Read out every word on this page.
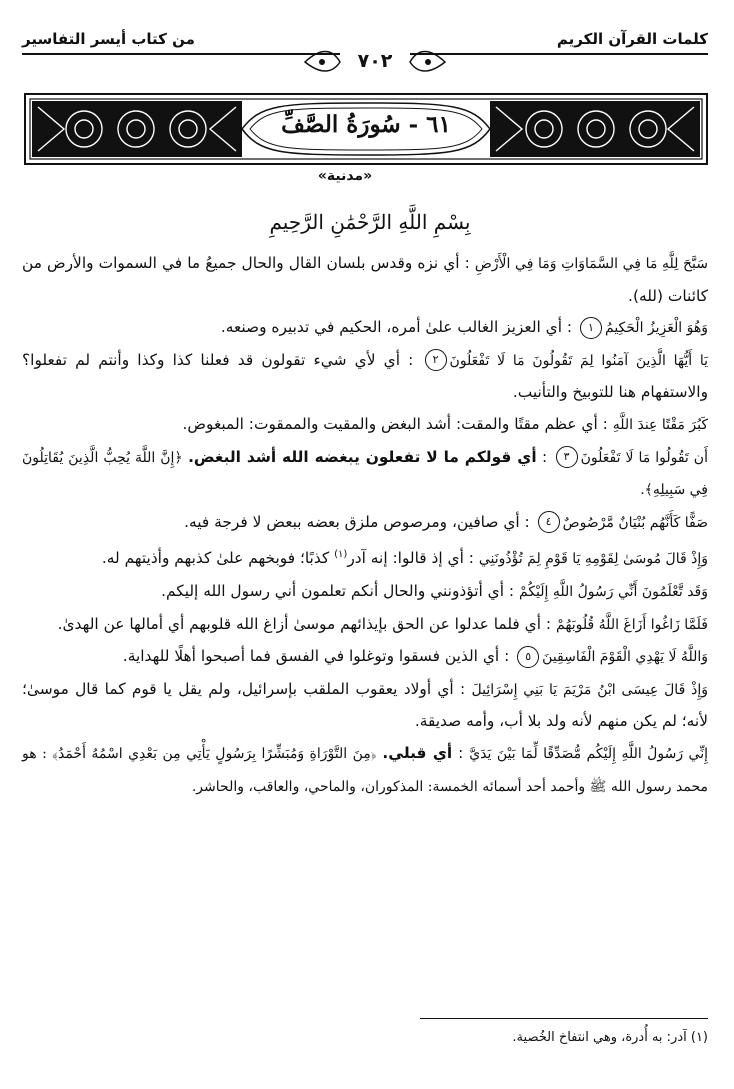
كلمات القرآن الكريم
من كتاب أيسر التفاسير
٧٠٢
٦١ - سُورَةُ الصَّفِّ
«مدنية»
بِسْمِ اللَّهِ الرَّحْمَٰنِ الرَّحِيمِ

سَبَّحَ لِلَّهِ مَا فِي السَّمَاوَاتِ وَمَا فِي الْأَرْضِ : أي نزه وقدس بلسان القال والحال جميعُ ما في السموات والأرض من كائنات (لله).

وَهُوَ الْعَزِيزُ الْحَكِيمُ١ : أي العزيز الغالب علىٰ أمره، الحكيم في تدبيره وصنعه.

يَا أَيُّهَا الَّذِينَ آمَنُوا لِمَ تَقُولُونَ مَا لَا تَفْعَلُونَ٢ : أي لأي شيء تقولون قد فعلنا كذا وكذا وأنتم لم تفعلوا؟ والاستفهام هنا للتوبيخ والتأنيب.

كَبُرَ مَقْتًا عِندَ اللَّهِ : أي عظم مقتًا والمقت: أشد البغض والمقيت والممقوت: المبغوض.

أَن تَقُولُوا مَا لَا تَفْعَلُونَ٣ : أي قولكم ما لا تفعلون يبغضه الله أشد البغض. ﴿إِنَّ اللَّهَ يُحِبُّ الَّذِينَ يُقَاتِلُونَ فِي سَبِيلِهِ﴾.

صَفًّا كَأَنَّهُم بُنْيَانٌ مَّرْصُوصٌ٤ : أي صافين، ومرصوص ملزق بعضه ببعض لا فرجة فيه.

وَإِذْ قَالَ مُوسَىٰ لِقَوْمِهِ يَا قَوْمِ لِمَ تُؤْذُونَنِي : أي إذ قالوا: إنه آدر$^{(١)}$ كذبًا؛ فوبخهم علىٰ كذبهم وأذيتهم له.

وَقَد تَّعْلَمُونَ أَنِّي رَسُولُ اللَّهِ إِلَيْكُمْ : أي أتؤذونني والحال أنكم تعلمون أني رسول الله إليكم.

فَلَمَّا زَاغُوا أَزَاغَ اللَّهُ قُلُوبَهُمْ : أي فلما عدلوا عن الحق بإيذائهم موسىٰ أزاغ الله قلوبهم أي أمالها عن الهدىٰ.

وَاللَّهُ لَا يَهْدِي الْقَوْمَ الْفَاسِقِينَ٥ : أي الذين فسقوا وتوغلوا في الفسق فما أصبحوا أهلًا للهداية.

وَإِذْ قَالَ عِيسَى ابْنُ مَرْيَمَ يَا بَنِي إِسْرَائِيلَ : أي أولاد يعقوب الملقب بإسرائيل، ولم يقل يا قوم كما قال موسىٰ؛ لأنه؛ لم يكن منهم لأنه ولد بلا أب، وأمه صديقة.

إِنِّي رَسُولُ اللَّهِ إِلَيْكُم مُّصَدِّقًا لِّمَا بَيْنَ يَدَيَّ : أي قبلي. ﴿مِنَ التَّوْرَاةِ وَمُبَشِّرًا بِرَسُولٍ يَأْتِي مِن بَعْدِي اسْمُهُ أَحْمَدُ﴾ : هو محمد رسول الله ﷺ وأحمد أحد أسمائه الخمسة: المذكوران، والماحي، والعاقب، والحاشر.

(١) آدر: به أُدرة، وهي انتفاخ الخُصية.
